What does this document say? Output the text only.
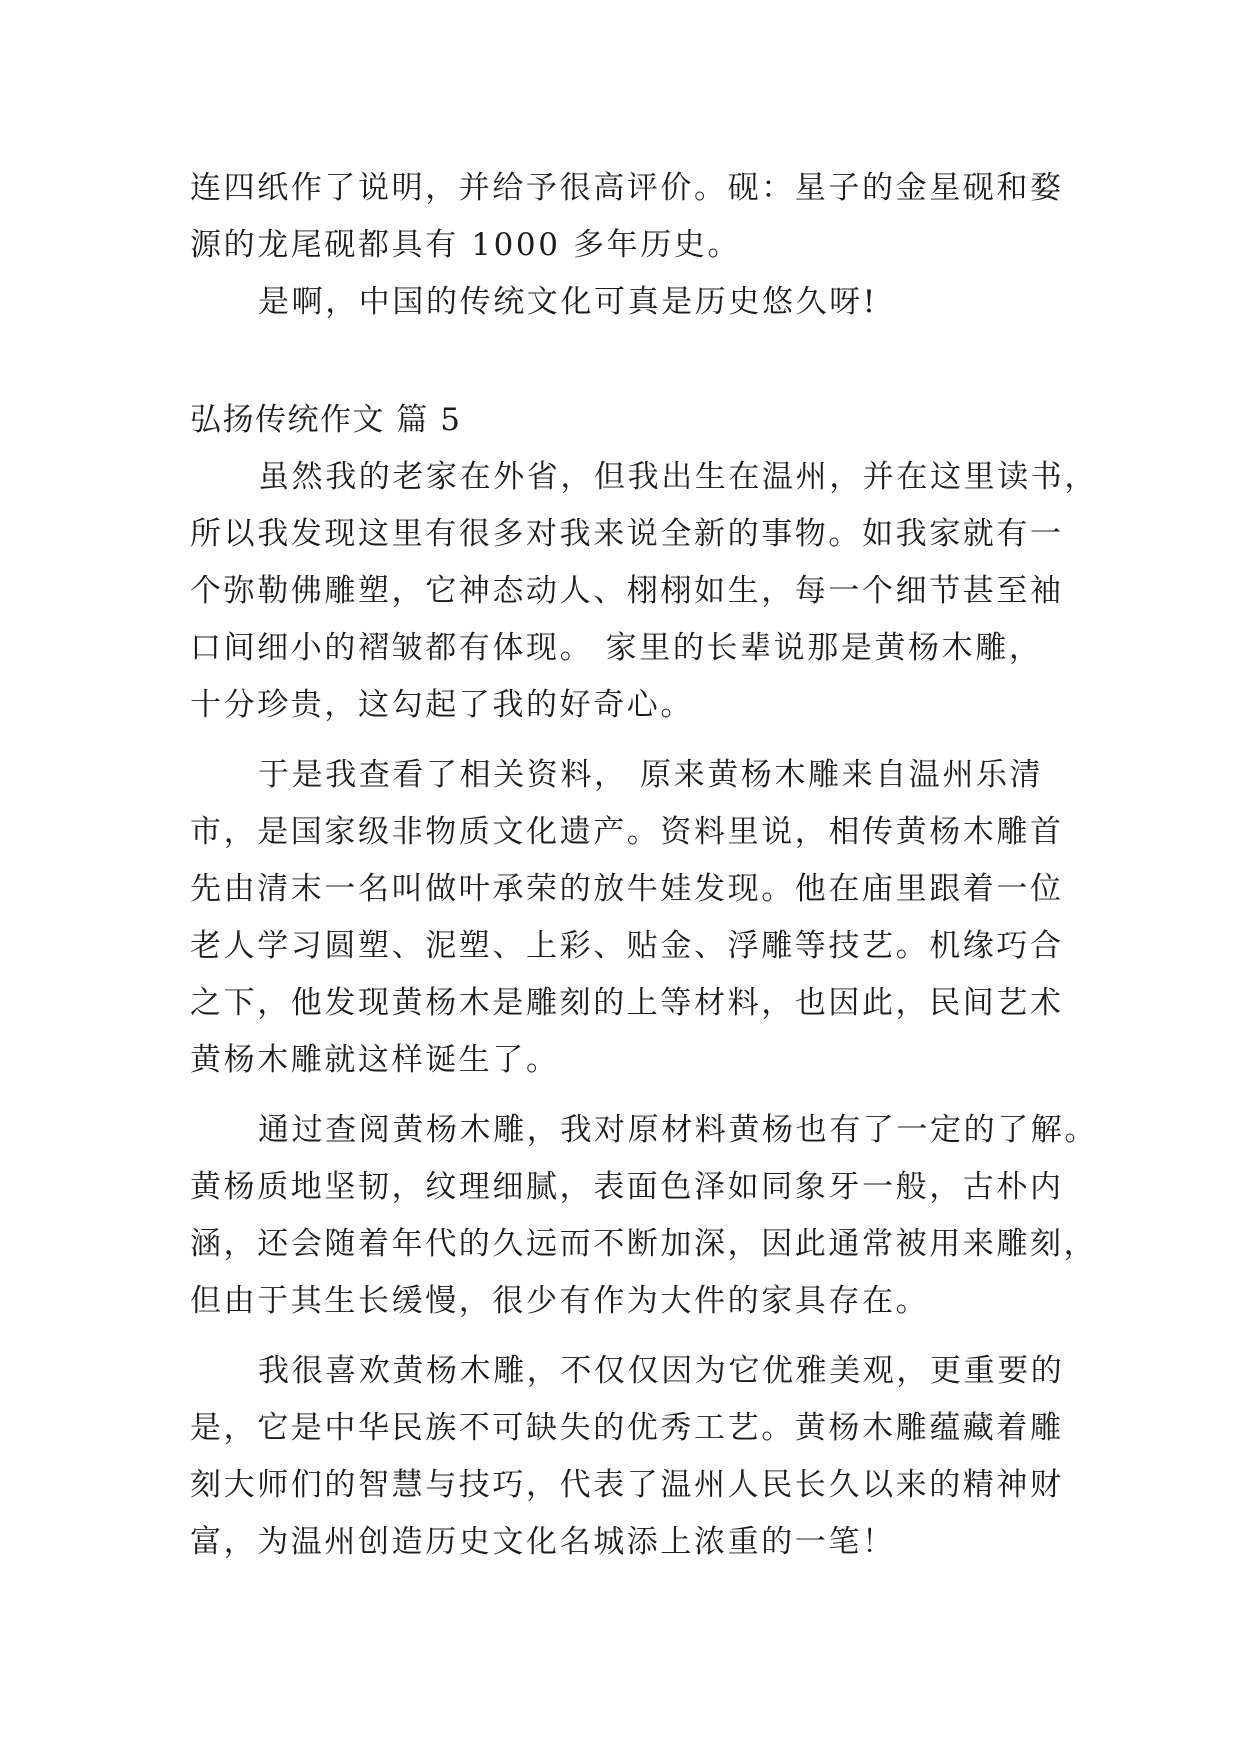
连四纸作了说明，并给予很高评价。砚：星子的金星砚和婺
源的龙尾砚都具有 1000 多年历史。
是啊，中国的传统文化可真是历史悠久呀!
弘扬传统作文 篇 5
虽然我的老家在外省，但我出生在温州，并在这里读书，
所以我发现这里有很多对我来说全新的事物。如我家就有一
个弥勒佛雕塑，它神态动人、栩栩如生，每一个细节甚至袖
口间细小的褶皱都有体现。 家里的长辈说那是黄杨木雕，
十分珍贵，这勾起了我的好奇心。
于是我查看了相关资料， 原来黄杨木雕来自温州乐清
市，是国家级非物质文化遗产。资料里说，相传黄杨木雕首
先由清末一名叫做叶承荣的放牛娃发现。他在庙里跟着一位
老人学习圆塑、泥塑、上彩、贴金、浮雕等技艺。机缘巧合
之下，他发现黄杨木是雕刻的上等材料，也因此，民间艺术
黄杨木雕就这样诞生了。
通过查阅黄杨木雕，我对原材料黄杨也有了一定的了解。
黄杨质地坚韧，纹理细腻，表面色泽如同象牙一般，古朴内
涵，还会随着年代的久远而不断加深，因此通常被用来雕刻，
但由于其生长缓慢，很少有作为大件的家具存在。
我很喜欢黄杨木雕，不仅仅因为它优雅美观，更重要的
是，它是中华民族不可缺失的优秀工艺。黄杨木雕蕴藏着雕
刻大师们的智慧与技巧，代表了温州人民长久以来的精神财
富，为温州创造历史文化名城添上浓重的一笔！
